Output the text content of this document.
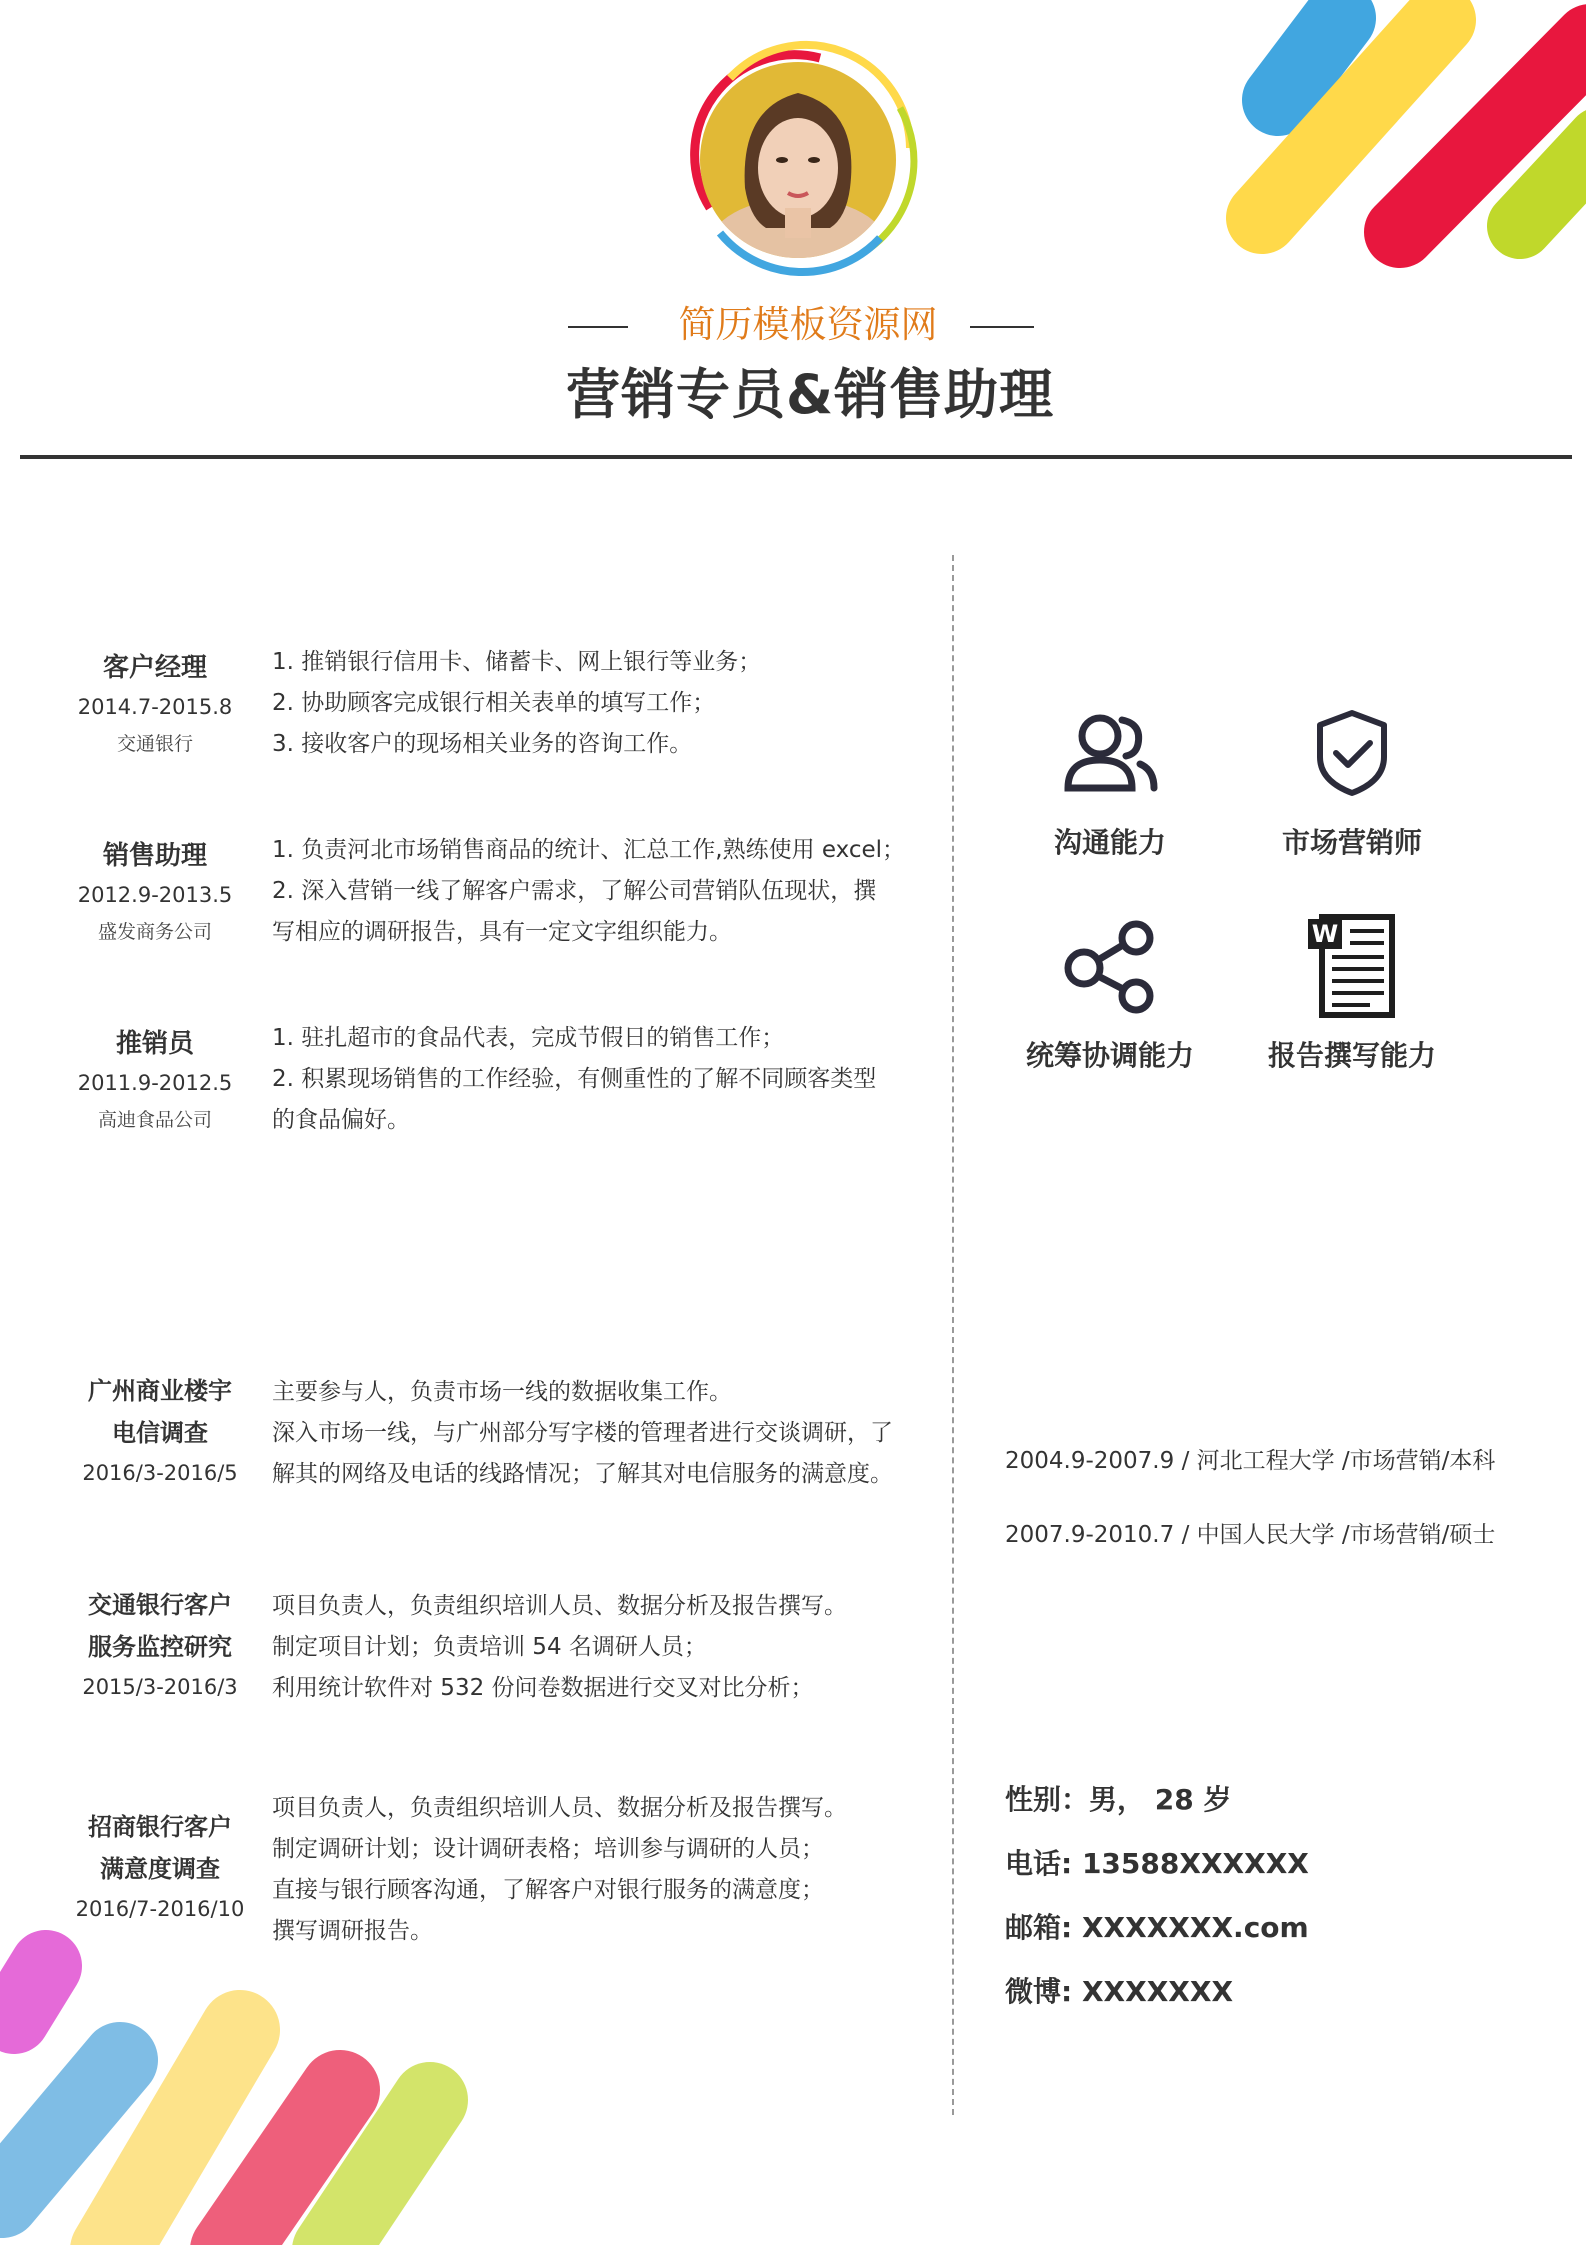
简历模板资源网
营销专员&销售助理
客户经理
2014.7-2015.8
交通银行
1. 推销银行信用卡、储蓄卡、网上银行等业务；
2. 协助顾客完成银行相关表单的填写工作；
3. 接收客户的现场相关业务的咨询工作。
销售助理
2012.9-2013.5
盛发商务公司
1. 负责河北市场销售商品的统计、汇总工作,熟练使用 excel；
2. 深入营销一线了解客户需求，了解公司营销队伍现状，撰
写相应的调研报告，具有一定文字组织能力。
推销员
2011.9-2012.5
高迪食品公司
1. 驻扎超市的食品代表，完成节假日的销售工作；
2. 积累现场销售的工作经验，有侧重性的了解不同顾客类型
的食品偏好。
广州商业楼宇
电信调查
2016/3-2016/5
主要参与人，负责市场一线的数据收集工作。
深入市场一线，与广州部分写字楼的管理者进行交谈调研，了
解其的网络及电话的线路情况；了解其对电信服务的满意度。
交通银行客户
服务监控研究
2015/3-2016/3
项目负责人，负责组织培训人员、数据分析及报告撰写。
制定项目计划；负责培训 54 名调研人员；
利用统计软件对 532 份问卷数据进行交叉对比分析；
招商银行客户
满意度调查
2016/7-2016/10
项目负责人，负责组织培训人员、数据分析及报告撰写。
制定调研计划；设计调研表格；培训参与调研的人员；
直接与银行顾客沟通，了解客户对银行服务的满意度；
撰写调研报告。
沟通能力	市场营销师
统筹协调能力
W
报告撰写能力
2004.9-2007.9 / 河北工程大学 /市场营销/本科
2007.9-2010.7 / 中国人民大学 /市场营销/硕士
性别：男， 28 岁
电话: 13588XXXXXX
邮箱: XXXXXXX.com
微博: XXXXXXX
